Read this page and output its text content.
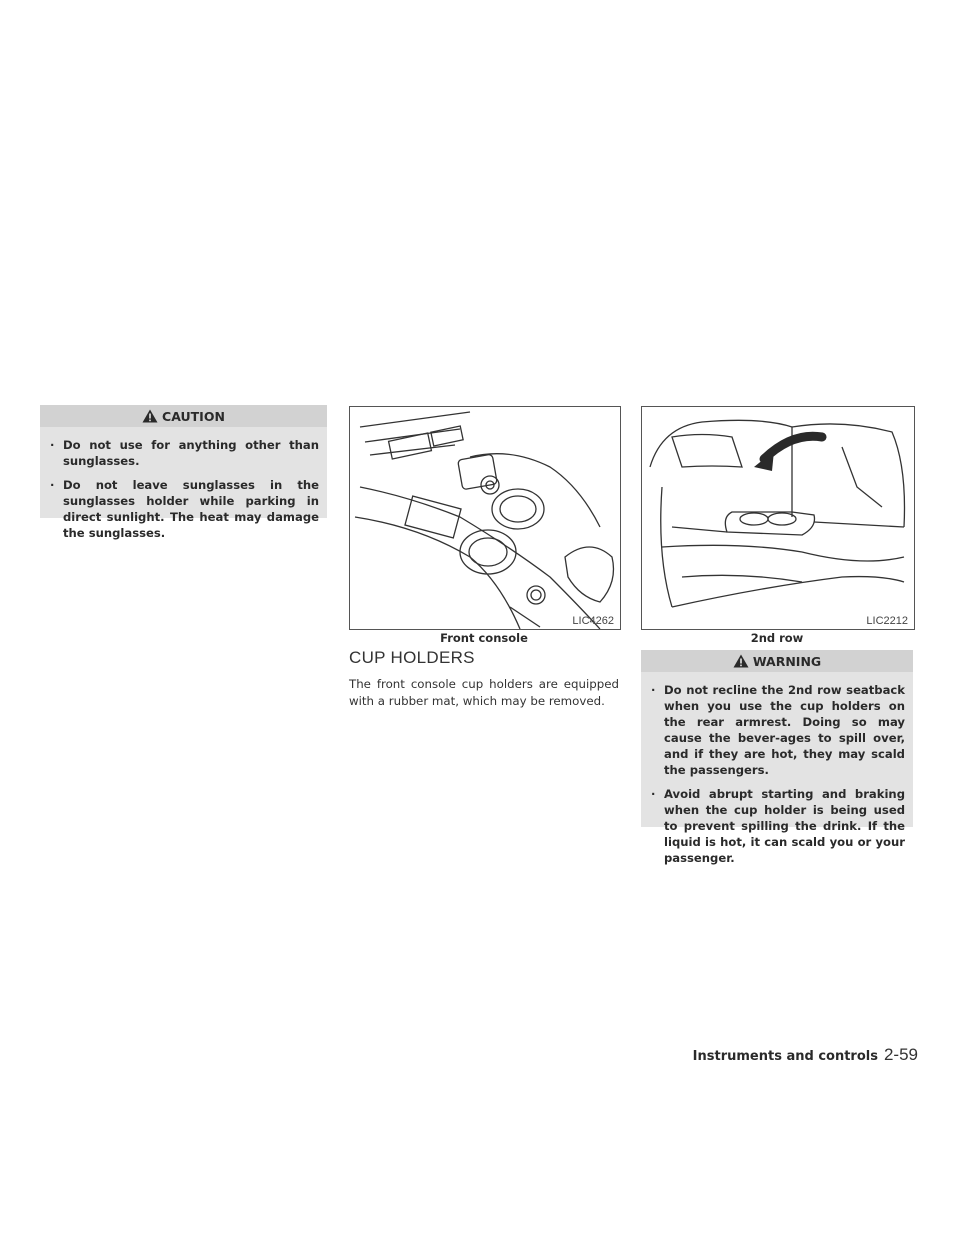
CAUTION
· Do not use for anything other than sunglasses.
· Do not leave sunglasses in the sunglasses holder while parking in direct sunlight. The heat may damage the sunglasses.
LIC4262
Front console
LIC2212
2nd row
CUP HOLDERS
The front console cup holders are equipped with a rubber mat, which may be removed.
WARNING
· Do not recline the 2nd row seatback when you use the cup holders on the rear armrest. Doing so may cause the bever-ages to spill over, and if they are hot, they may scald the passengers.
· Avoid abrupt starting and braking when the cup holder is being used to prevent spilling the drink. If the liquid is hot, it can scald you or your passenger.
Instruments and controls 2-59
